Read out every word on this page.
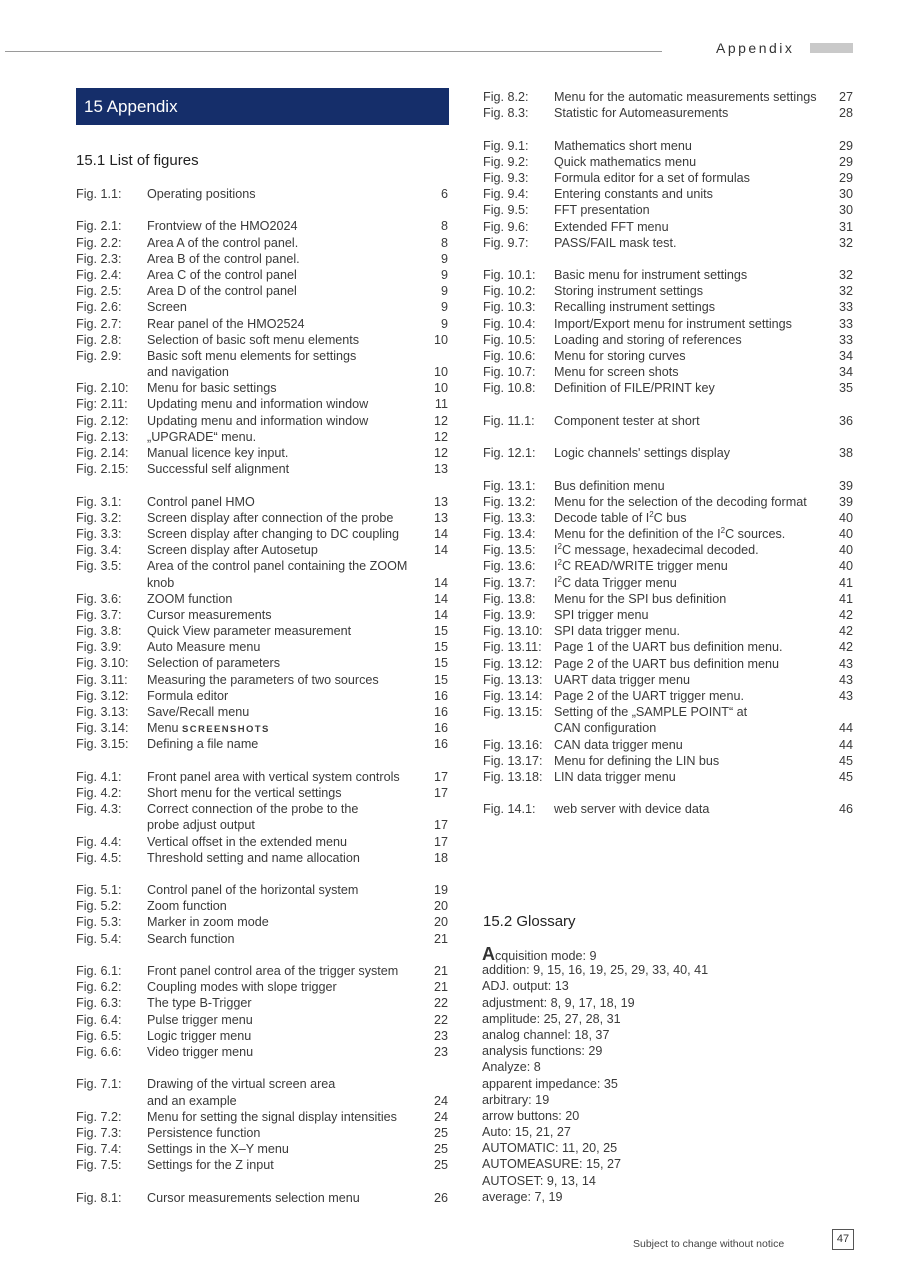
Appendix
15 Appendix
15.1 List of figures
Fig. 1.1: Operating positions	6
Fig. 2.1: Frontview of the HMO2024	8
Fig. 2.2: Area A of the control panel.	8
Fig. 2.3: Area B of the control panel.	9
Fig. 2.4: Area C of the control panel	9
Fig. 2.5: Area D of the control panel	9
Fig. 2.6: Screen	9
Fig. 2.7: Rear panel of the HMO2524	9
Fig. 2.8: Selection of basic soft menu elements	10
Fig. 2.9: Basic soft menu elements for settings
and navigation	10
Fig. 2.10: Menu for basic settings	10
Fig: 2.11: Updating menu and information window	11
Fig. 2.12: Updating menu and information window	12
Fig. 2.13: „UPGRADE“ menu.	12
Fig. 2.14: Manual licence key input.	12
Fig. 2.15: Successful self alignment	13
Fig. 3.1: Control panel HMO	13
Fig. 3.2: Screen display after connection of the probe	13
Fig. 3.3: Screen display after changing to DC coupling	14
Fig. 3.4: Screen display after Autosetup	14
Fig. 3.5: Area of the control panel containing the ZOOM
knob	14
Fig. 3.6: ZOOM function	14
Fig. 3.7: Cursor measurements	14
Fig. 3.8: Quick View parameter measurement	15
Fig. 3.9: Auto Measure menu	15
Fig. 3.10: Selection of parameters	15
Fig. 3.11: Measuring the parameters of two sources	15
Fig. 3.12: Formula editor	16
Fig. 3.13: Save/Recall menu	16
Fig. 3.14: Menu SCREENSHOTS	16
Fig. 3.15: Defining a file name	16
Fig. 4.1: Front panel area with vertical system controls	17
Fig. 4.2: Short menu for the vertical settings	17
Fig. 4.3: Correct connection of the probe to the
probe adjust output	17
Fig. 4.4: Vertical offset in the extended menu	17
Fig. 4.5: Threshold setting and name allocation	18
Fig. 5.1: Control panel of the horizontal system	19
Fig. 5.2: Zoom function	20
Fig. 5.3: Marker in zoom mode	20
Fig. 5.4: Search function	21
Fig. 6.1: Front panel control area of the trigger system	21
Fig. 6.2: Coupling modes with slope trigger	21
Fig. 6.3: The type B-Trigger	22
Fig. 6.4: Pulse trigger menu	22
Fig. 6.5: Logic trigger menu	23
Fig. 6.6: Video trigger menu	23
Fig. 7.1: Drawing of the virtual screen area
and an example	24
Fig. 7.2: Menu for setting the signal display intensities	24
Fig. 7.3: Persistence function	25
Fig. 7.4: Settings in the X–Y menu	25
Fig. 7.5: Settings for the Z input	25
Fig. 8.1: Cursor measurements selection menu	26
Fig. 8.2: Menu for the automatic measurements settings	27
Fig. 8.3: Statistic for Automeasurements	28
Fig. 9.1: Mathematics short menu	29
Fig. 9.2: Quick mathematics menu	29
Fig. 9.3: Formula editor for a set of formulas	29
Fig. 9.4: Entering constants and units	30
Fig. 9.5: FFT presentation	30
Fig. 9.6: Extended FFT menu	31
Fig. 9.7: PASS/FAIL mask test.	32
Fig. 10.1: Basic menu for instrument settings	32
Fig. 10.2: Storing instrument settings	32
Fig. 10.3: Recalling instrument settings	33
Fig. 10.4: Import/Export menu for instrument settings	33
Fig. 10.5: Loading and storing of references	33
Fig. 10.6: Menu for storing curves	34
Fig. 10.7: Menu for screen shots	34
Fig. 10.8: Definition of FILE/PRINT key	35
Fig. 11.1: Component tester at short	36
Fig. 12.1: Logic channels' settings display	38
Fig. 13.1: Bus definition menu	39
Fig. 13.2: Menu for the selection of the decoding format	39
Fig. 13.3: Decode table of $I^2C$ bus	40
Fig. 13.4: Menu for the definition of the $I^2C$ sources.	40
Fig. 13.5: $I^2C$ message, hexadecimal decoded.	40
Fig. 13.6: $I^2C$ READ/WRITE trigger menu	40
Fig. 13.7: $I^2C$ data Trigger menu	41
Fig. 13.8: Menu for the SPI bus definition	41
Fig. 13.9: SPI trigger menu	42
Fig. 13.10: SPI data trigger menu.	42
Fig. 13.11: Page 1 of the UART bus definition menu.	42
Fig. 13.12: Page 2 of the UART bus definition menu	43
Fig. 13.13: UART data trigger menu	43
Fig. 13.14: Page 2 of the UART trigger menu.	43
Fig. 13.15: Setting of the „SAMPLE POINT“ at
CAN configuration	44
Fig. 13.16: CAN data trigger menu	44
Fig. 13.17: Menu for defining the LIN bus	45
Fig. 13.18: LIN data trigger menu	45
Fig. 14.1: web server with device data	46
15.2 Glossary
Acquisition mode: 9
addition: 9, 15, 16, 19, 25, 29, 33, 40, 41
ADJ. output: 13
adjustment: 8, 9, 17, 18, 19
amplitude: 25, 27, 28, 31
analog channel: 18, 37
analysis functions: 29
Analyze: 8
apparent impedance: 35
arbitrary: 19
arrow buttons: 20
Auto: 15, 21, 27
AUTOMATIC: 11, 20, 25
AUTOMEASURE: 15, 27
AUTOSET: 9, 13, 14
average: 7, 19
Subject to change without notice	47
